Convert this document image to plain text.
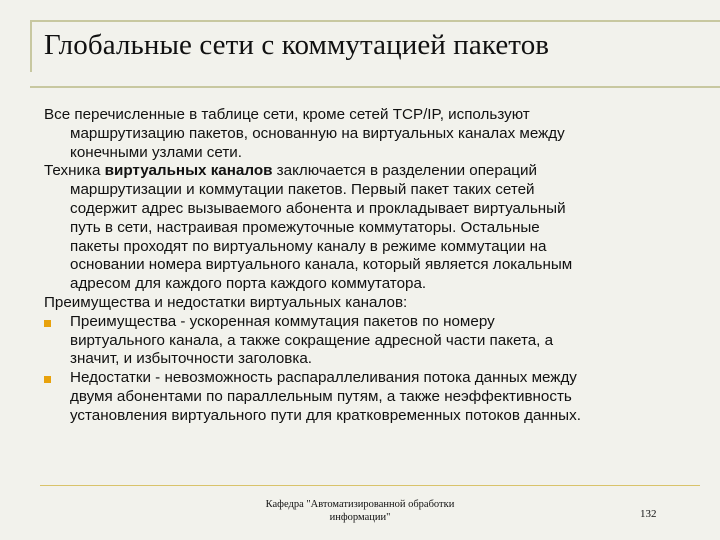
Глобальные сети с коммутацией пакетов

Все перечисленные в таблице сети, кроме сетей TCP/IP, используют
маршрутизацию пакетов, основанную на виртуальных каналах между
конечными узлами сети.

Техника виртуальных каналов заключается в разделении операций
маршрутизации и коммутации пакетов. Первый пакет таких сетей
содержит адрес вызываемого абонента и прокладывает виртуальный
путь в сети, настраивая промежуточные коммутаторы. Остальные
пакеты проходят по виртуальному каналу в режиме коммутации на
основании номера виртуального канала, который является локальным
адресом для каждого порта каждого коммутатора.

Преимущества и недостатки виртуальных каналов:

Преимущества - ускоренная коммутация пакетов по номеру
виртуального канала, а также сокращение адресной части пакета, а
значит, и избыточности заголовка.
Недостатки - невозможность распараллеливания потока данных между
двумя абонентами по параллельным путям, а также неэффективность
установления виртуального пути для кратковременных потоков данных.
Кафедра "Автоматизированной обработки
информации"	132
